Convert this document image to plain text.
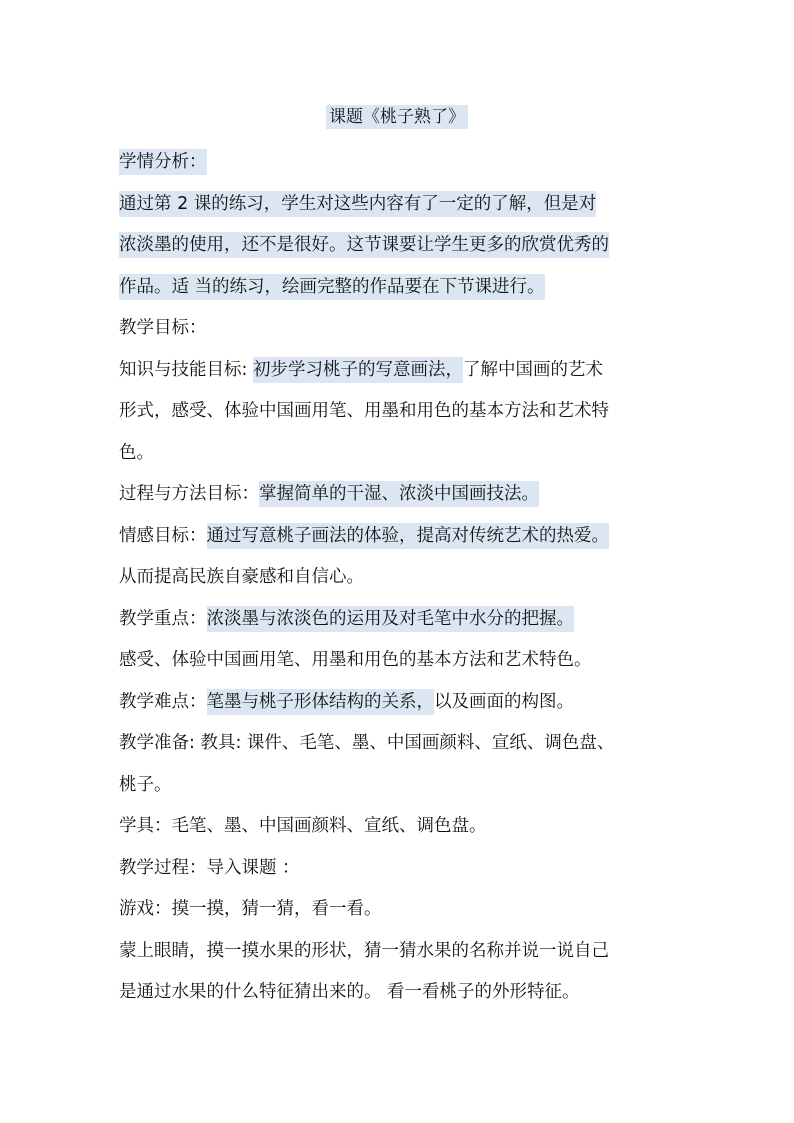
课题《桃子熟了》
学情分析：
通过第 2 课的练习，学生对这些内容有了一定的了解，但是对
浓淡墨的使用，还不是很好。这节课要让学生更多的欣赏优秀的
作品。适 当的练习，绘画完整的作品要在下节课进行。
教学目标：
知识与技能目标: 初步学习桃子的写意画法，了解中国画的艺术
形式，感受、体验中国画用笔、用墨和用色的基本方法和艺术特
色。
过程与方法目标：掌握简单的干湿、浓淡中国画技法。
情感目标：通过写意桃子画法的体验，提高对传统艺术的热爱。
从而提高民族自豪感和自信心。
教学重点：浓淡墨与浓淡色的运用及对毛笔中水分的把握。
感受、体验中国画用笔、用墨和用色的基本方法和艺术特色。
教学难点：笔墨与桃子形体结构的关系，以及画面的构图。
教学准备: 教具: 课件、毛笔、墨、中国画颜料、宣纸、调色盘、
桃子。
学具：毛笔、墨、中国画颜料、宣纸、调色盘。
教学过程：导入课题 ：
游戏：摸一摸，猜一猜，看一看。
蒙上眼睛，摸一摸水果的形状，猜一猜水果的名称并说一说自己
是通过水果的什么特征猜出来的。 看一看桃子的外形特征。
